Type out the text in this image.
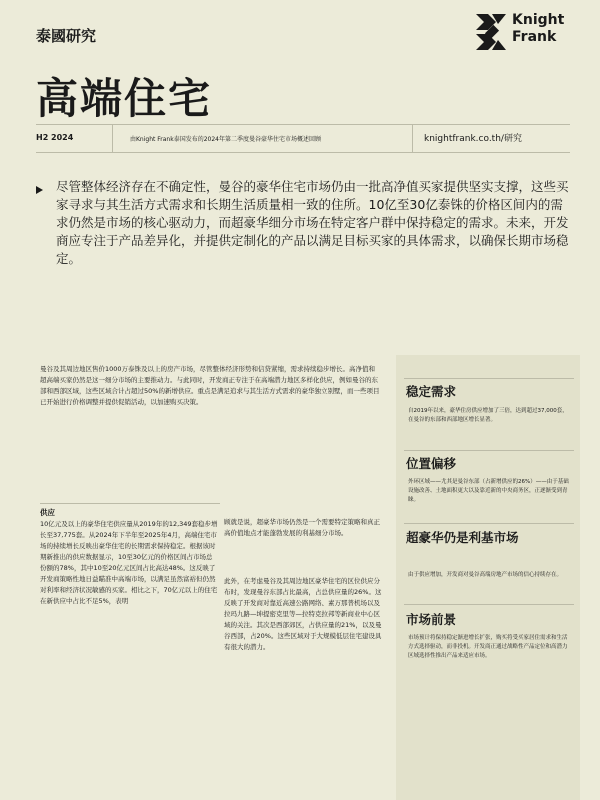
泰國研究
Knight
Frank
高端住宅
H2 2024	由Knight Frank泰国发布的2024年第二季度曼谷豪华住宅市场概述回顾	knightfrank.co.th/研究
尽管整体经济存在不确定性，曼谷的豪华住宅市场仍由一批高净值买家提供坚实支撑，这些买家寻求与其生活方式需求和长期生活质量相一致的住所。10亿至30亿泰铢的价格区间内的需求仍然是市场的核心驱动力，而超豪华细分市场在特定客户群中保持稳定的需求。未来，开发商应专注于产品差异化，并提供定制化的产品以满足目标买家的具体需求，以确保长期市场稳定。
曼谷及其周边地区售价1000万泰铢及以上的房产市场，尽管整体经济形势和信贷紧缩，需求持续稳步增长。高净值和超高端买家仍然是这一细分市场的主要推动力。与此同时，开发商正专注于在高端潜力地区多样化供应，例如曼谷的东部和西部区域，这些区域合计占超过50%的新增供应。重点是满足追求与其生活方式需求的豪华独立别墅，而一些项目已开始进行价格调整并提供促销活动，以加速购买决策。
稳定需求
自2019年以来，豪华住房供应增加了三倍，达到超过37,000套，在曼谷的东部和西部地区增长显著。
位置偏移
外环区域——尤其是曼谷东部（占新增供应的26%）——由于基础设施改善、土地面积更大以及靠近新的中央商务区，正逐渐受到青睐。
超豪华仍是利基市场
由于供应增加，开发商对曼谷高端房地产市场的信心持续存在。
市场前景
市场预计将保持稳定渐进增长扩张，购买将受买家居住需求和生活方式选择驱动，而非投机。开发商正通过战略性产品定位和高潜力区域选择性推出产品来适应市场。
供应
10亿元及以上的豪华住宅供应量从2019年的12,349套稳步增长至37,775套。从2024年下半年至2025年4月，高端住宅市场的持续增长反映出豪华住宅的长期需求保持稳定。根据该时期新推出的供应数据显示，10至30亿元的价格区间占市场总份额的78%，其中10至20亿元区间占比高达48%。这反映了开发商策略性地日益瞄准中高端市场，以满足虽然富裕但仍然对利率和经济状况敏感的买家。相比之下，70亿元以上的住宅在新供应中占比不足5%，表明
顾就是说，超豪华市场仍然是一个需要特定策略和真正高价值地点才能蓬勃发展的利基细分市场。
此外，在考虑曼谷及其周边地区豪华住宅的区位供应分布时，发现曼谷东部占比最高，占总供应量的26%。这反映了开发商对靠近高速公路网络、素万那普机场以及拉玛九路—坤提密克里等—拉特克拉邦等新商业中心区域的关注。其次是西部郊区，占供应量的21%，以及曼谷西部，占20%。这些区域对于大规模低层住宅建设具有很大的潜力。
